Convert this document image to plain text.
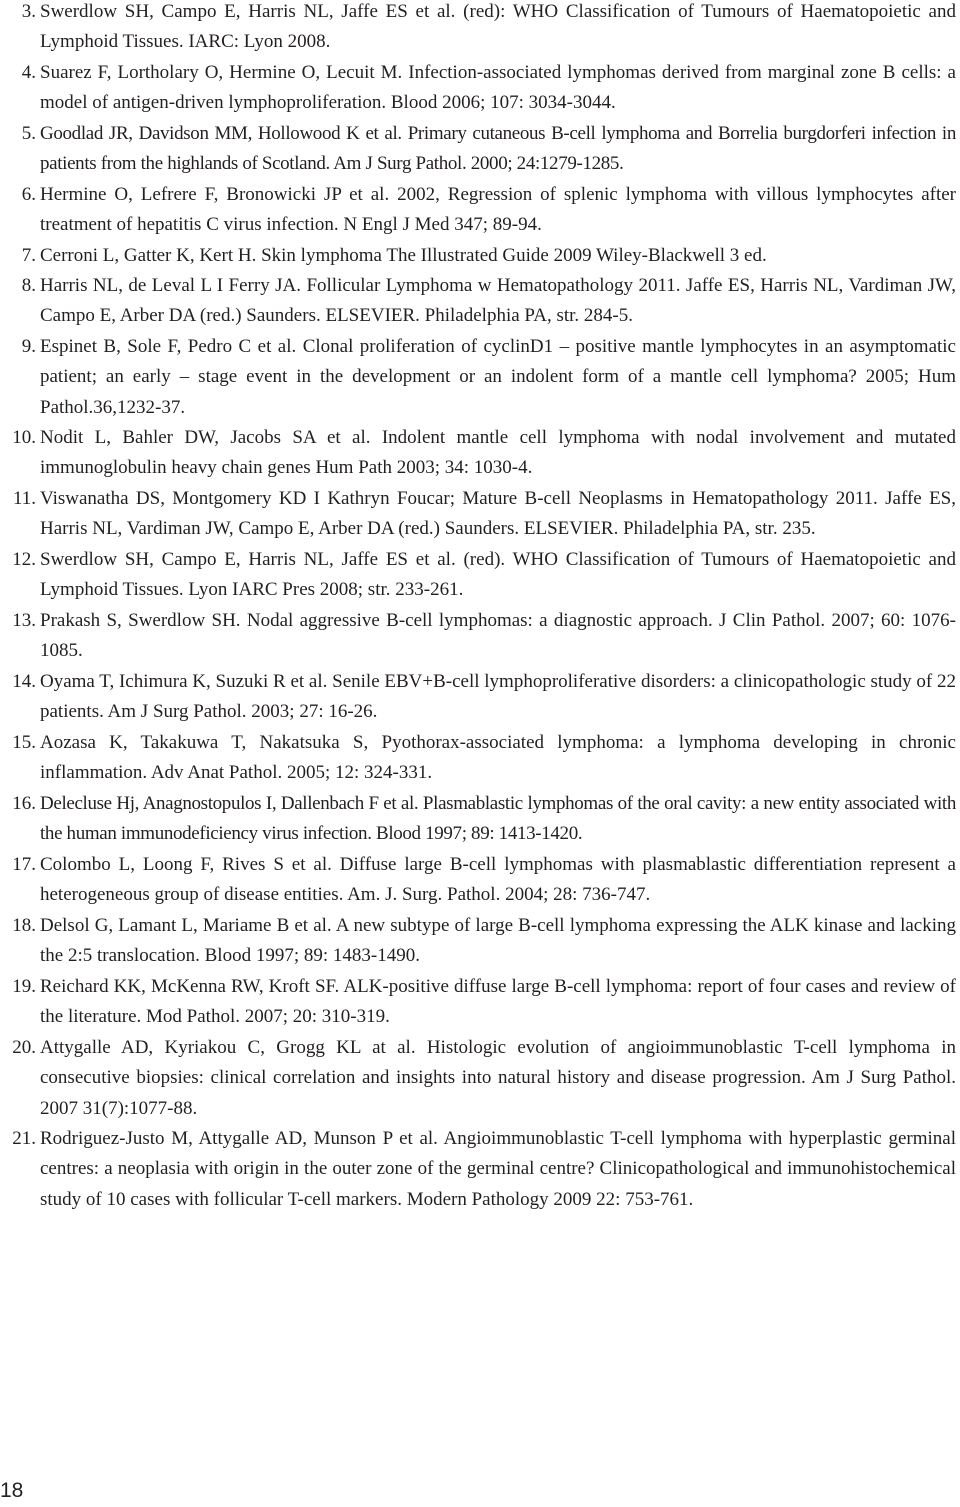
3. Swerdlow SH, Campo E, Harris NL, Jaffe ES et al. (red): WHO Classification of Tumours of Haematopoietic and Lymphoid Tissues. IARC: Lyon 2008.
4. Suarez F, Lortholary O, Hermine O, Lecuit M. Infection-associated lymphomas derived from marginal zone B cells: a model of antigen-driven lymphoproliferation. Blood 2006; 107: 3034-3044.
5. Goodlad JR, Davidson MM, Hollowood K et al. Primary cutaneous B-cell lymphoma and Borrelia burgdorferi infection in patients from the highlands of Scotland. Am J Surg Pathol. 2000; 24:1279-1285.
6. Hermine O, Lefrere F, Bronowicki JP et al. 2002, Regression of splenic lymphoma with villous lymphocytes after treatment of hepatitis C virus infection. N Engl J Med 347; 89-94.
7. Cerroni L, Gatter K, Kert H. Skin lymphoma The Illustrated Guide 2009 Wiley-Blackwell 3 ed.
8. Harris NL, de Leval L I Ferry JA. Follicular Lymphoma w Hematopathology 2011. Jaffe ES, Harris NL, Vardiman JW, Campo E, Arber DA (red.) Saunders. ELSEVIER. Philadelphia PA, str. 284-5.
9. Espinet B, Sole F, Pedro C et al. Clonal proliferation of cyclinD1 – positive mantle lymphocytes in an asymptomatic patient; an early – stage event in the development or an indolent form of a mantle cell lymphoma? 2005; Hum Pathol.36,1232-37.
10. Nodit L, Bahler DW, Jacobs SA et al. Indolent mantle cell lymphoma with nodal involvement and mutated immunoglobulin heavy chain genes Hum Path 2003; 34: 1030-4.
11. Viswanatha DS, Montgomery KD I Kathryn Foucar; Mature B-cell Neoplasms in Hematopathology 2011. Jaffe ES, Harris NL, Vardiman JW, Campo E, Arber DA (red.) Saunders. ELSEVIER. Philadelphia PA, str. 235.
12. Swerdlow SH, Campo E, Harris NL, Jaffe ES et al. (red). WHO Classification of Tumours of Haematopoietic and Lymphoid Tissues. Lyon IARC Pres 2008; str. 233-261.
13. Prakash S, Swerdlow SH. Nodal aggressive B-cell lymphomas: a diagnostic approach. J Clin Pathol. 2007; 60: 1076-1085.
14. Oyama T, Ichimura K, Suzuki R et al. Senile EBV+B-cell lymphoproliferative disorders: a clinicopathologic study of 22 patients. Am J Surg Pathol. 2003; 27: 16-26.
15. Aozasa K, Takakuwa T, Nakatsuka S, Pyothorax-associated lymphoma: a lymphoma developing in chronic inflammation. Adv Anat Pathol. 2005; 12: 324-331.
16. Delecluse Hj, Anagnostopulos I, Dallenbach F et al. Plasmablastic lymphomas of the oral cavity: a new entity associated with the human immunodeficiency virus infection. Blood 1997; 89: 1413-1420.
17. Colombo L, Loong F, Rives S et al. Diffuse large B-cell lymphomas with plasmablastic differentiation represent a heterogeneous group of disease entities. Am. J. Surg. Pathol. 2004; 28: 736-747.
18. Delsol G, Lamant L, Mariame B et al. A new subtype of large B-cell lymphoma expressing the ALK kinase and lacking the 2:5 translocation. Blood 1997; 89: 1483-1490.
19. Reichard KK, McKenna RW, Kroft SF. ALK-positive diffuse large B-cell lymphoma: report of four cases and review of the literature. Mod Pathol. 2007; 20: 310-319.
20. Attygalle AD, Kyriakou C, Grogg KL at al. Histologic evolution of angioimmunoblastic T-cell lymphoma in consecutive biopsies: clinical correlation and insights into natural history and disease progression. Am J Surg Pathol. 2007 31(7):1077-88.
21. Rodriguez-Justo M, Attygalle AD, Munson P et al. Angioimmunoblastic T-cell lymphoma with hyperplastic germinal centres: a neoplasia with origin in the outer zone of the germinal centre? Clinicopathological and immunohistochemical study of 10 cases with follicular T-cell markers. Modern Pathology 2009 22: 753-761.
18
